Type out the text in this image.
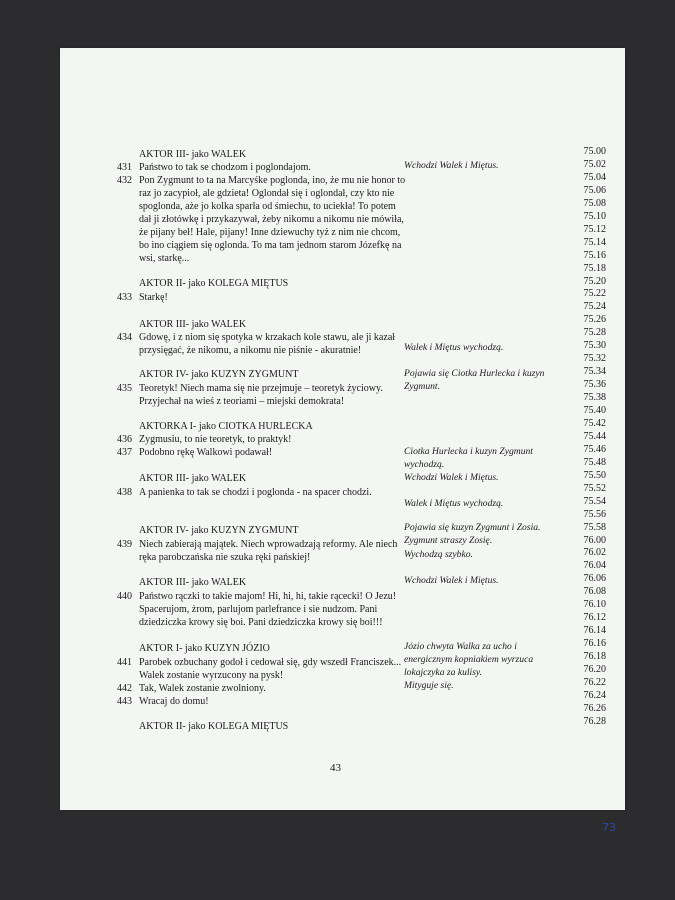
AKTOR III- jako WALEK
431 Państwo to tak se chodzom i poglondajom.
432 Pon Zygmunt to ta na Marcyśke poglonda, ino, że mu nie honor to raz jo zacypioł, ale gdzieta! Oglondał się i oglondał, czy kto nie spoglonda, aże jo kolka sparła od śmiechu, to uciekła! To potem dał ji złotówkę i przykazywał, żeby nikomu a nikomu nie mówiła, że pijany beł! Hale, pijany! Inne dziewuchy tyż z nim nie chcom, bo ino ciągiem się oglonda. To ma tam jednom starom Józefkę na wsi, starkę...
AKTOR II- jako KOLEGA MIĘTUS
433 Starkę!
AKTOR III- jako WALEK
434 Gdowę, i z niom się spotyka w krzakach kole stawu, ale ji kazał przysięgać, że nikomu, a nikomu nie piśnie - akuratnie!
AKTOR IV- jako KUZYN ZYGMUNT
435 Teoretyk! Niech mama się nie przejmuje – teoretyk życiowy. Przyjechał na wieś z teoriami – miejski demokrata!
AKTORKA I- jako CIOTKA HURLECKA
436 Zygmusiu, to nie teoretyk, to praktyk!
437 Podobno rękę Walkowi podawał!
AKTOR III- jako WALEK
438 A panienka to tak se chodzi i poglonda - na spacer chodzi.
AKTOR IV- jako KUZYN ZYGMUNT
439 Niech zabierają majątek. Niech wprowadzają reformy. Ale niech ręka parobczańska nie szuka ręki pańskiej!
AKTOR III- jako WALEK
440 Państwo rączki to takie majom! Hi, hi, hi, takie rącecki! O Jezu! Spacerujom, żrom, parlujom parlefrance i sie nudzom. Pani dziedziczka krowy się boi. Pani dziedziczka krowy się boi!!!
AKTOR I- jako KUZYN JÓZIO
441 Parobek ozbuchany godoł i cedował się, gdy wszedł Franciszek... Walek zostanie wyrzucony na pysk!
442 Tak, Walek zostanie zwolniony.
443 Wracaj do domu!
AKTOR II- jako KOLEGA MIĘTUS
Wchodzi Walek i Miętus.
Walek i Miętus wychodzą.
Pojawia się Ciotka Hurlecka i kuzyn Zygmunt.
Ciotka Hurlecka i kuzyn Zygmunt wychodzą.
Wchodzi Walek i Miętus.
Walek i Miętus wychodzą.
Pojawia się kuzyn Zygmunt i Zosia.
Zygmunt straszy Zosię.
Wychodzą szybko.
Wchodzi Walek i Miętus.
Józio chwyta Walka za ucho i energicznym kopniakiem wyrzuca lokajczyka za kulisy.
Mityguje się.
75.00
75.02
75.04
75.06
75.08
75.10
75.12
75.14
75.16
75.18
75.20
75.22
75.24
75.26
75.28
75.30
75.32
75.34
75.36
75.38
75.40
75.42
75.44
75.46
75.48
75.50
75.52
75.54
75.56
75.58
76.00
76.02
76.04
76.06
76.08
76.10
76.12
76.14
76.16
76.18
76.20
76.22
76.24
76.26
76.28
43
73
